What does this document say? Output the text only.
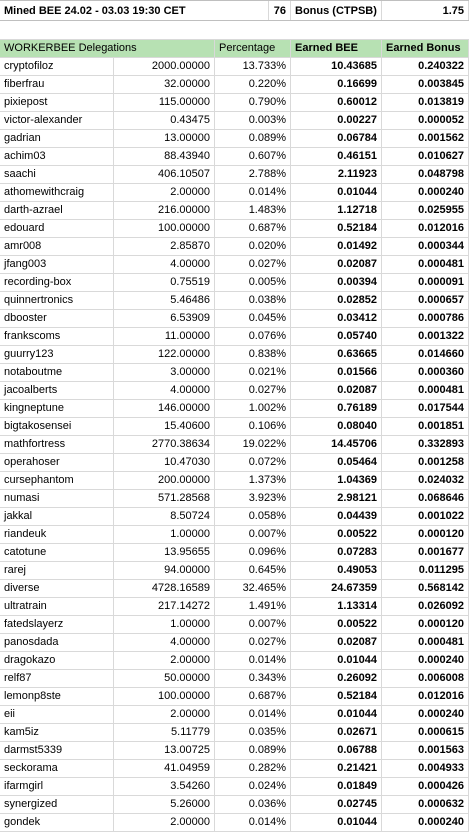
Mined BEE 24.02 - 03.03 19:30 CET	76 Bonus (CTPSB)	1.75
WORKERBEE Delegations	Percentage	Earned BEE	Earned Bonus
cryptofiloz	2000.00000	13.733%	10.43685	0.240322
fiberfrau	32.00000	0.220%	0.16699	0.003845
pixiepost	115.00000	0.790%	0.60012	0.013819
victor-alexander	0.43475	0.003%	0.00227	0.000052
gadrian	13.00000	0.089%	0.06784	0.001562
achim03	88.43940	0.607%	0.46151	0.010627
saachi	406.10507	2.788%	2.11923	0.048798
athomewithcraig	2.00000	0.014%	0.01044	0.000240
darth-azrael	216.00000	1.483%	1.12718	0.025955
edouard	100.00000	0.687%	0.52184	0.012016
amr008	2.85870	0.020%	0.01492	0.000344
jfang003	4.00000	0.027%	0.02087	0.000481
recording-box	0.75519	0.005%	0.00394	0.000091
quinnertronics	5.46486	0.038%	0.02852	0.000657
dbooster	6.53909	0.045%	0.03412	0.000786
frankscoms	11.00000	0.076%	0.05740	0.001322
guurry123	122.00000	0.838%	0.63665	0.014660
notaboutme	3.00000	0.021%	0.01566	0.000360
jacoalberts	4.00000	0.027%	0.02087	0.000481
kingneptune	146.00000	1.002%	0.76189	0.017544
bigtakosensei	15.40600	0.106%	0.08040	0.001851
mathfortress	2770.38634	19.022%	14.45706	0.332893
operahoser	10.47030	0.072%	0.05464	0.001258
cursephantom	200.00000	1.373%	1.04369	0.024032
numasi	571.28568	3.923%	2.98121	0.068646
jakkal	8.50724	0.058%	0.04439	0.001022
riandeuk	1.00000	0.007%	0.00522	0.000120
catotune	13.95655	0.096%	0.07283	0.001677
rarej	94.00000	0.645%	0.49053	0.011295
diverse	4728.16589	32.465%	24.67359	0.568142
ultratrain	217.14272	1.491%	1.13314	0.026092
fatedslayerz	1.00000	0.007%	0.00522	0.000120
panosdada	4.00000	0.027%	0.02087	0.000481
dragokazo	2.00000	0.014%	0.01044	0.000240
relf87	50.00000	0.343%	0.26092	0.006008
lemonp8ste	100.00000	0.687%	0.52184	0.012016
eii	2.00000	0.014%	0.01044	0.000240
kam5iz	5.11779	0.035%	0.02671	0.000615
darmst5339	13.00725	0.089%	0.06788	0.001563
seckorama	41.04959	0.282%	0.21421	0.004933
ifarmgirl	3.54260	0.024%	0.01849	0.000426
synergized	5.26000	0.036%	0.02745	0.000632
gondek	2.00000	0.014%	0.01044	0.000240
